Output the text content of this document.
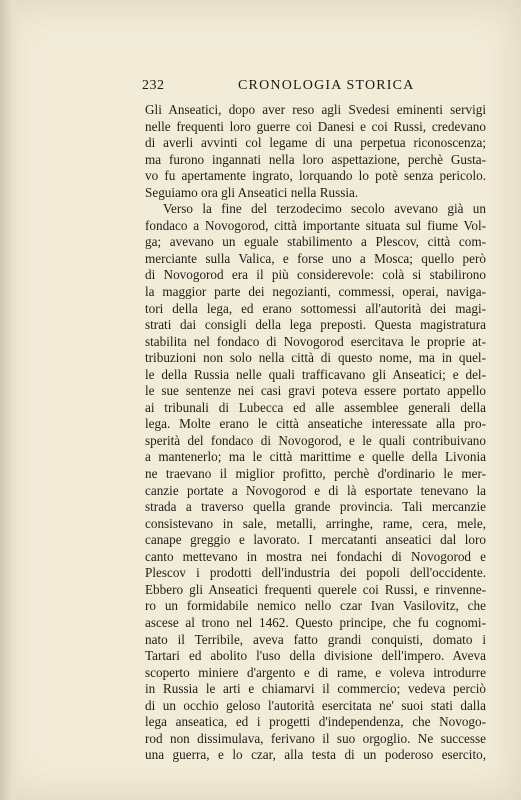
232	CRONOLOGIA STORICA
Gli Anseatici, dopo aver reso agli Svedesi eminenti servigi
nelle frequenti loro guerre coi Danesi e coi Russi, credevano
di averli avvinti col legame di una perpetua riconoscenza;
ma furono ingannati nella loro aspettazione, perchè Gusta-
vo fu apertamente ingrato, lorquando lo potè senza pericolo.
Seguiamo ora gli Anseatici nella Russia.
Verso la fine del terzodecimo secolo avevano già un
fondaco a Novogorod, città importante situata sul fiume Vol-
ga; avevano un eguale stabilimento a Plescov, città com-
merciante sulla Valica, e forse uno a Mosca; quello però
di Novogorod era il più considerevole: colà si stabilirono
la maggior parte dei negozianti, commessi, operai, naviga-
tori della lega, ed erano sottomessi all'autorità dei magi-
strati dai consigli della lega preposti. Questa magistratura
stabilita nel fondaco di Novogorod esercitava le proprie at-
tribuzioni non solo nella città di questo nome, ma in quel-
le della Russia nelle quali trafficavano gli Anseatici; e del-
le sue sentenze nei casi gravi poteva essere portato appello
ai tribunali di Lubecca ed alle assemblee generali della
lega. Molte erano le città anseatiche interessate alla pro-
sperità del fondaco di Novogorod, e le quali contribuivano
a mantenerlo; ma le città marittime e quelle della Livonia
ne traevano il miglior profitto, perchè d'ordinario le mer-
canzie portate a Novogorod e di là esportate tenevano la
strada a traverso quella grande provincia. Tali mercanzie
consistevano in sale, metalli, arringhe, rame, cera, mele,
canape greggio e lavorato. I mercatanti anseatici dal loro
canto mettevano in mostra nei fondachi di Novogorod e
Plescov i prodotti dell'industria dei popoli dell'occidente.
Ebbero gli Anseatici frequenti querele coi Russi, e rinvenne-
ro un formidabile nemico nello czar Ivan Vasilovitz, che
ascese al trono nel 1462. Questo principe, che fu cognomi-
nato il Terribile, aveva fatto grandi conquisti, domato i
Tartari ed abolito l'uso della divisione dell'impero. Aveva
scoperto miniere d'argento e di rame, e voleva introdurre
in Russia le arti e chiamarvi il commercio; vedeva perciò
di un occhio geloso l'autorità esercitata ne' suoi stati dalla
lega anseatica, ed i progetti d'independenza, che Novogo-
rod non dissimulava, ferivano il suo orgoglio. Ne successe
una guerra, e lo czar, alla testa di un poderoso esercito,
